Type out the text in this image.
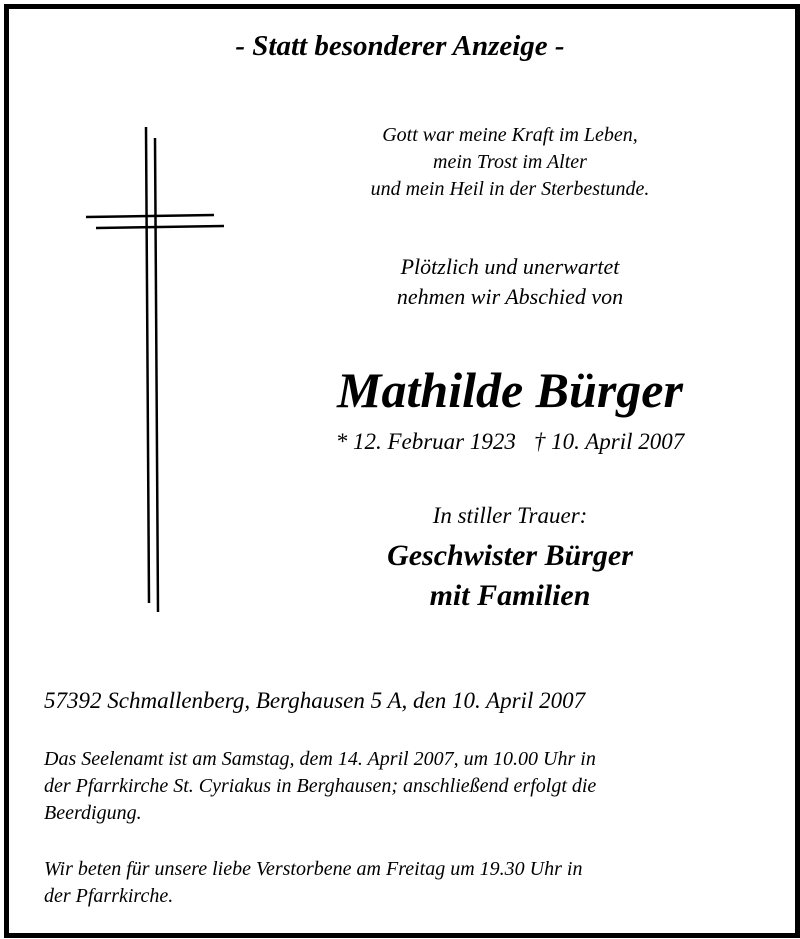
- Statt besonderer Anzeige -
Gott war meine Kraft im Leben,
mein Trost im Alter
und mein Heil in der Sterbestunde.
Plötzlich und unerwartet
nehmen wir Abschied von
Mathilde Bürger
* 12. Februar 1923 † 10. April 2007
In stiller Trauer:
Geschwister Bürger
mit Familien
57392 Schmallenberg, Berghausen 5 A, den 10. April 2007
Das Seelenamt ist am Samstag, dem 14. April 2007, um 10.00 Uhr in
der Pfarrkirche St. Cyriakus in Berghausen; anschließend erfolgt die
Beerdigung.
Wir beten für unsere liebe Verstorbene am Freitag um 19.30 Uhr in
der Pfarrkirche.
